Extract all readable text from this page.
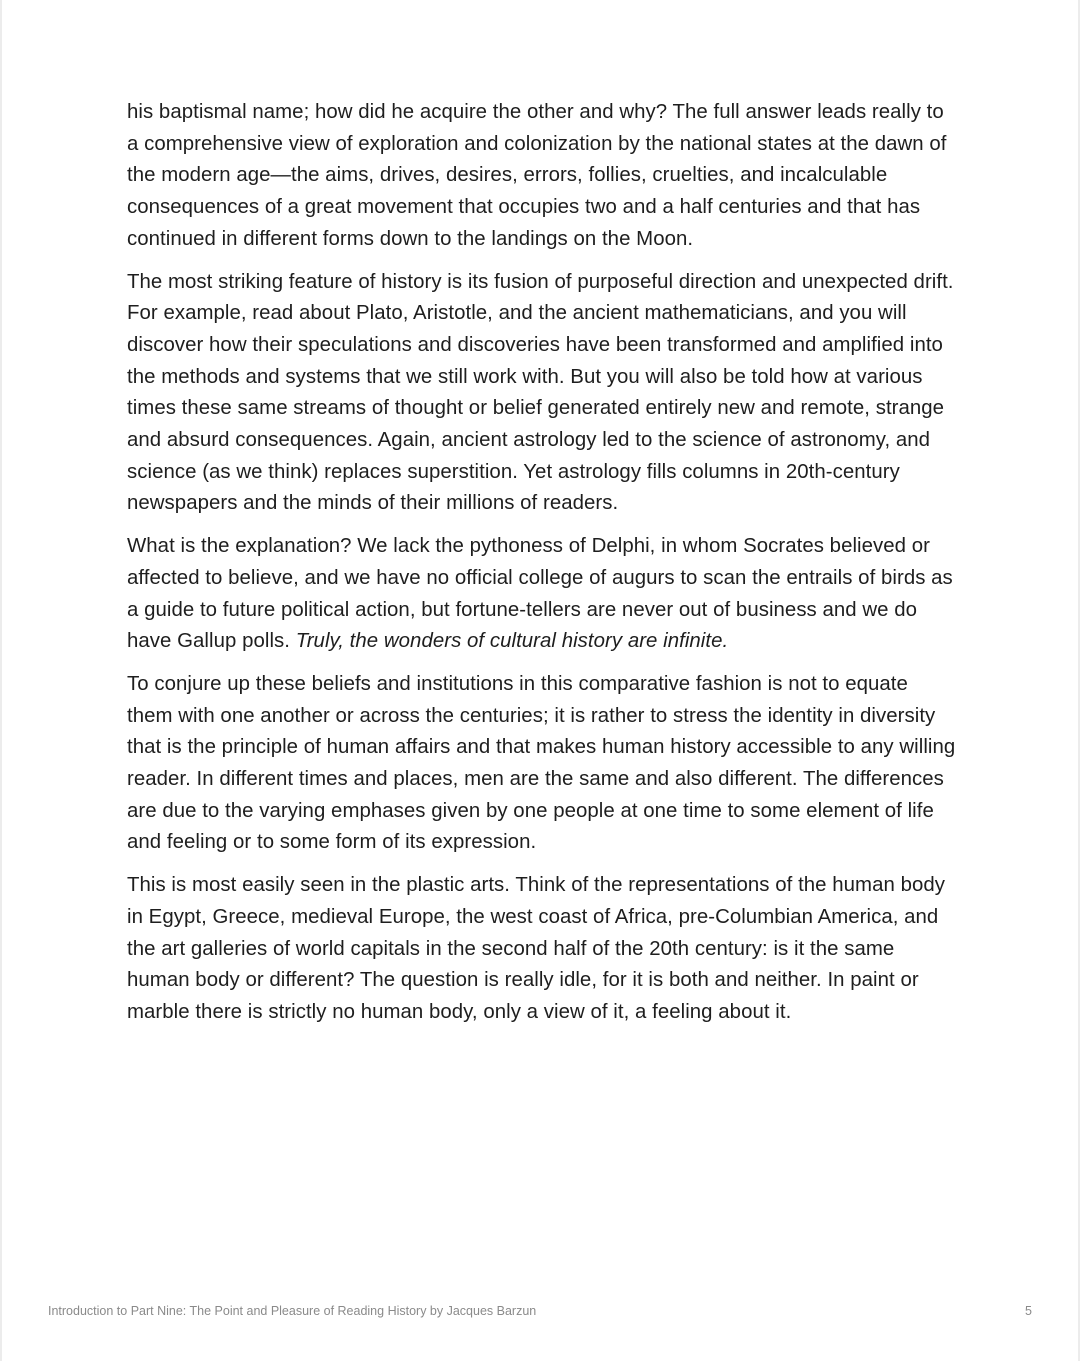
his baptismal name; how did he acquire the other and why? The full answer leads really to a comprehensive view of exploration and colonization by the national states at the dawn of the modern age—the aims, drives, desires, errors, follies, cruelties, and incalculable consequences of a great movement that occupies two and a half centuries and that has continued in different forms down to the landings on the Moon.

The most striking feature of history is its fusion of purposeful direction and unexpected drift. For example, read about Plato, Aristotle, and the ancient mathematicians, and you will discover how their speculations and discoveries have been transformed and amplified into the methods and systems that we still work with. But you will also be told how at various times these same streams of thought or belief generated entirely new and remote, strange and absurd consequences. Again, ancient astrology led to the science of astronomy, and science (as we think) replaces superstition. Yet astrology fills columns in 20th-century newspapers and the minds of their millions of readers.

What is the explanation? We lack the pythoness of Delphi, in whom Socrates believed or affected to believe, and we have no official college of augurs to scan the entrails of birds as a guide to future political action, but fortune-tellers are never out of business and we do have Gallup polls. Truly, the wonders of cultural history are infinite.

To conjure up these beliefs and institutions in this comparative fashion is not to equate them with one another or across the centuries; it is rather to stress the identity in diversity that is the principle of human affairs and that makes human history accessible to any willing reader. In different times and places, men are the same and also different. The differences are due to the varying emphases given by one people at one time to some element of life and feeling or to some form of its expression.

This is most easily seen in the plastic arts. Think of the representations of the human body in Egypt, Greece, medieval Europe, the west coast of Africa, pre-Columbian America, and the art galleries of world capitals in the second half of the 20th century: is it the same human body or different? The question is really idle, for it is both and neither. In paint or marble there is strictly no human body, only a view of it, a feeling about it.

Introduction to Part Nine: The Point and Pleasure of Reading History by Jacques Barzun	5
